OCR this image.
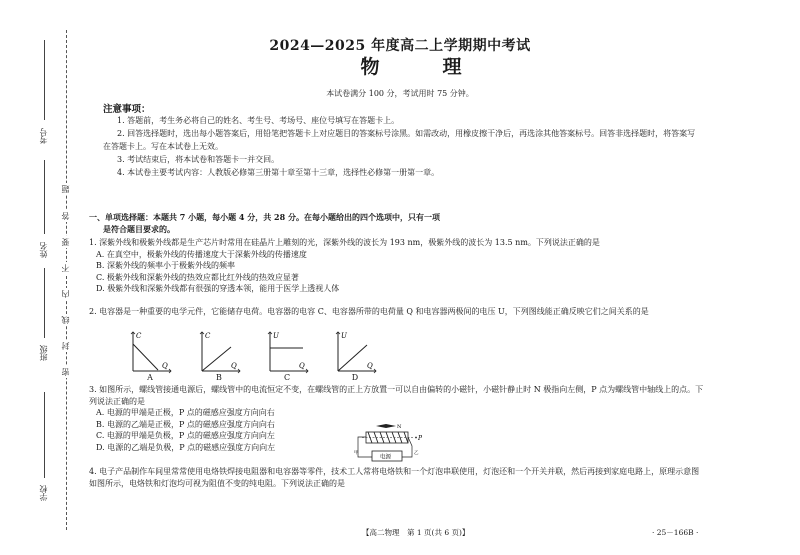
考号
姓名
班级
学校
题
答
要
不
内
线
封
密
2024—2025 年度高二上学期期中考试
物　理
本试卷满分 100 分，考试用时 75 分钟。
注意事项：

1. 答题前，考生务必将自己的姓名、考生号、考场号、座位号填写在答题卡上。

2. 回答选择题时，选出每小题答案后，用铅笔把答题卡上对应题目的答案标号涂黑。如需改动，用橡皮擦干净后，再选涂其他答案标号。回答非选择题时，将答案写在答题卡上。写在本试卷上无效。

3. 考试结束后，将本试卷和答题卡一并交回。

4. 本试卷主要考试内容：人教版必修第三册第十章至第十三章，选择性必修第一册第一章。

一、单项选择题：本题共 7 小题，每小题 4 分，共 28 分。在每小题给出的四个选项中，只有一项
是符合题目要求的。

1. 深紫外线和极紫外线都是生产芯片时常用在硅晶片上雕刻的光，深紫外线的波长为 193 nm，极紫外线的波长为 13.5 nm。下列说法正确的是

A. 在真空中，极紫外线的传播速度大于深紫外线的传播速度

B. 深紫外线的频率小于极紫外线的频率

C. 极紫外线和深紫外线的热效应都比红外线的热效应显著

D. 极紫外线和深紫外线都有很强的穿透本领，能用于医学上透视人体

2. 电容器是一种重要的电学元件，它能储存电荷。电容器的电容 C、电容器所带的电荷量 Q 和电容器两极间的电压 U，下列图线能正确反映它们之间关系的是

C
Q
C
Q
U
Q
U
Q
A	B	C	D

3. 如图所示，螺线管接通电源后，螺线管中的电流恒定不变，在螺线管的正上方放置一可以自由偏转的小磁针，小磁针静止时 N 极指向左侧，P 点为螺线管中轴线上的点。下列说法正确的是

A. 电源的甲端是正极，P 点的磁感应强度方向向右

B. 电源的乙端是正极，P 点的磁感应强度方向向右

C. 电源的甲端是负极，P 点的磁感应强度方向向左

D. 电源的乙端是负极，P 点的磁感应强度方向向左

N
P
电源
甲	乙

4. 电子产品制作车间里常常使用电烙铁焊接电阻器和电容器等零件，技术工人常将电烙铁和一个灯泡串联使用，灯泡还和一个开关并联，然后再接到家庭电路上，原理示意图如图所示，电烙铁和灯泡均可视为阻值不变的纯电阻。下列说法正确的是

【高二物理　第 1 页(共 6 页)】	· 25－166B ·
